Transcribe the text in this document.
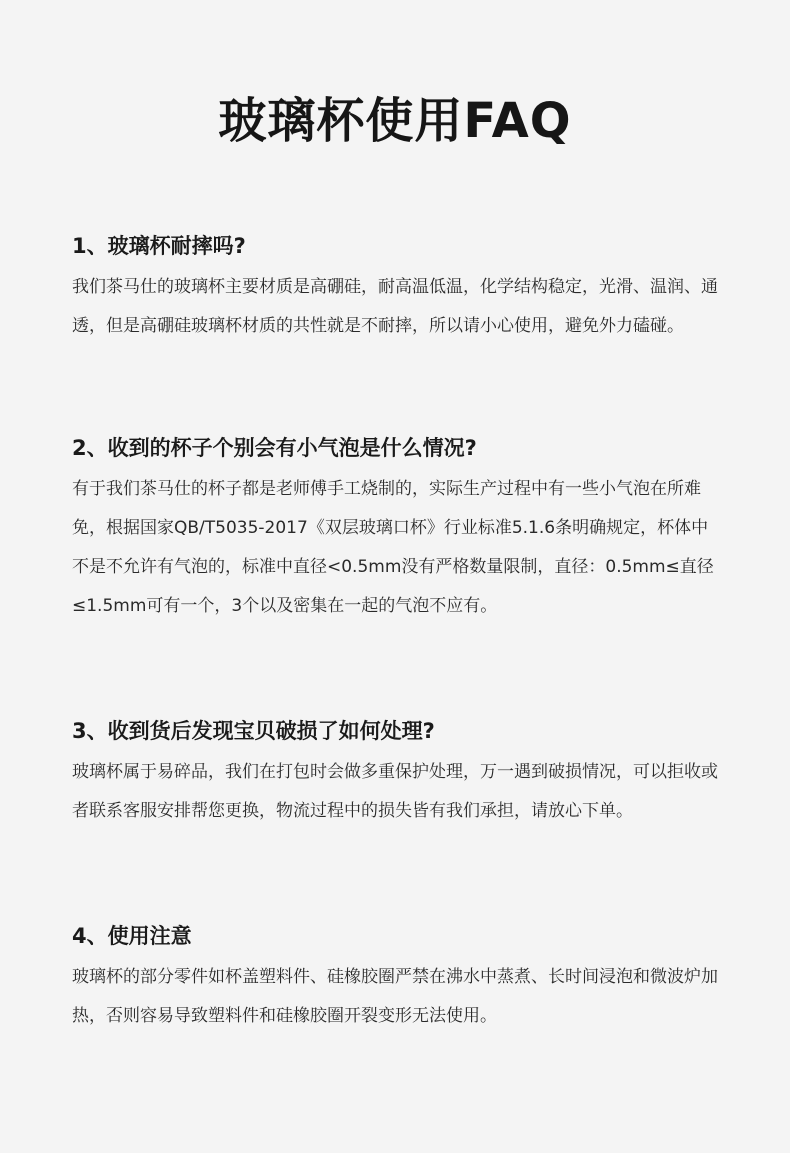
玻璃杯使用FAQ
1、玻璃杯耐摔吗?

我们茶马仕的玻璃杯主要材质是高硼硅，耐高温低温，化学结构稳定，光滑、温润、通透，但是高硼硅玻璃杯材质的共性就是不耐摔，所以请小心使用，避免外力磕碰。

2、收到的杯子个别会有小气泡是什么情况?

有于我们茶马仕的杯子都是老师傅手工烧制的，实际生产过程中有一些小气泡在所难免，根据国家QB/T5035-2017《双层玻璃口杯》行业标准5.1.6条明确规定，杯体中不是不允许有气泡的，标准中直径<0.5mm没有严格数量限制，直径：0.5mm≤直径≤1.5mm可有一个，3个以及密集在一起的气泡不应有。

3、收到货后发现宝贝破损了如何处理?

玻璃杯属于易碎品，我们在打包时会做多重保护处理，万一遇到破损情况，可以拒收或者联系客服安排帮您更换，物流过程中的损失皆有我们承担，请放心下单。

4、使用注意

玻璃杯的部分零件如杯盖塑料件、硅橡胶圈严禁在沸水中蒸煮、长时间浸泡和微波炉加热，否则容易导致塑料件和硅橡胶圈开裂变形无法使用。
